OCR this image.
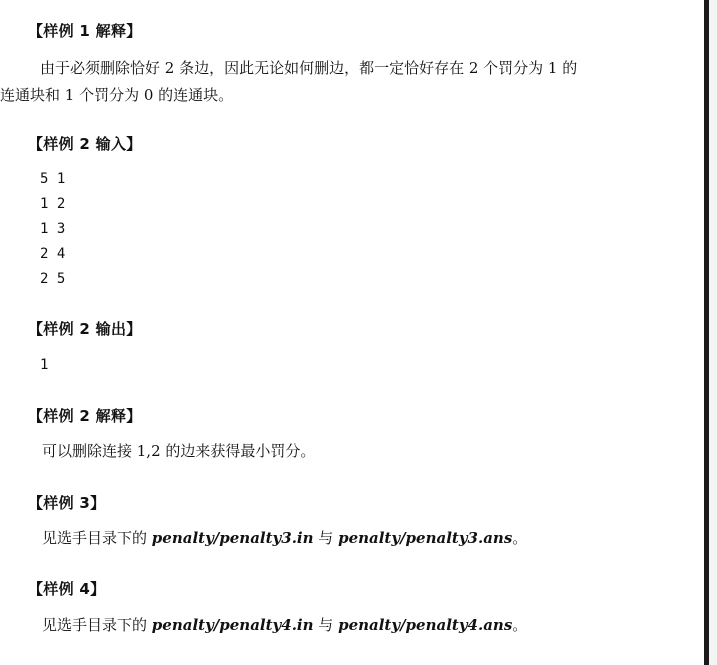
【样例 1 解释】
由于必须删除恰好 2 条边，因此无论如何删边，都一定恰好存在 2 个罚分为 1 的
连通块和 1 个罚分为 0 的连通块。
【样例 2 输入】
5 1
1 2
1 3
2 4
2 5
【样例 2 输出】
1
【样例 2 解释】
可以删除连接 1,2 的边来获得最小罚分。
【样例 3】
见选手目录下的 penalty/penalty3.in 与 penalty/penalty3.ans。
【样例 4】
见选手目录下的 penalty/penalty4.in 与 penalty/penalty4.ans。
